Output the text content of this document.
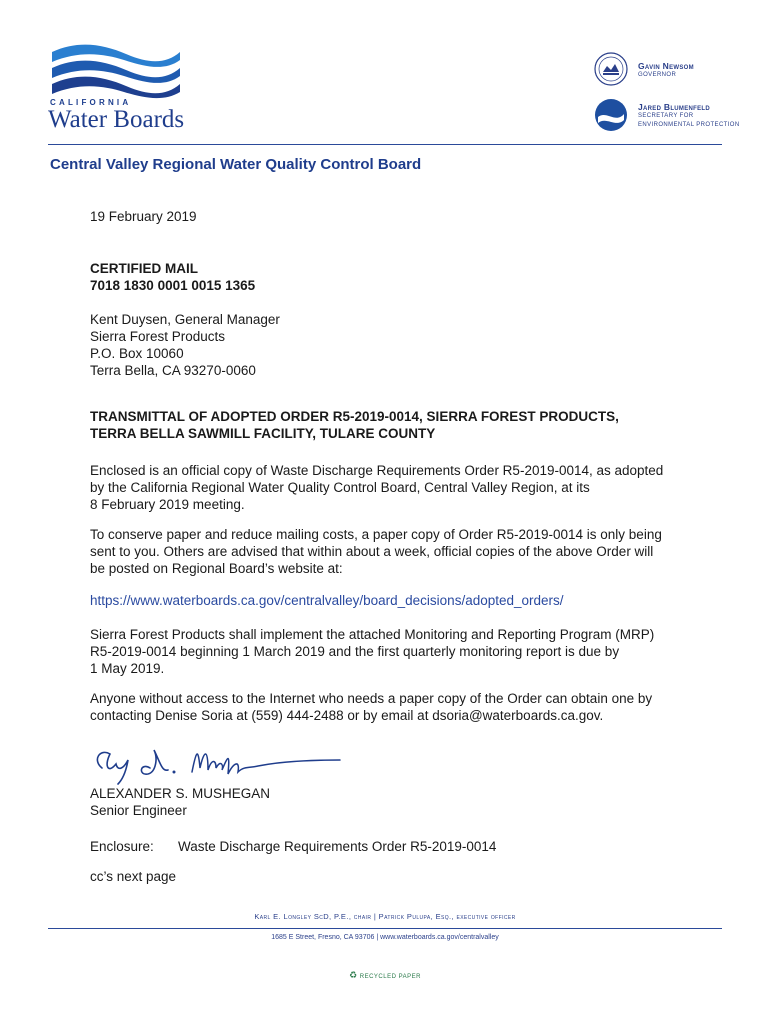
CALIFORNIA
Water Boards
Gavin Newsom
GOVERNOR
Jared Blumenfeld
SECRETARY FOR
ENVIRONMENTAL PROTECTION
Central Valley Regional Water Quality Control Board
19 February 2019
CERTIFIED MAIL
7018 1830 0001 0015 1365
Kent Duysen, General Manager
Sierra Forest Products
P.O. Box 10060
Terra Bella, CA 93270-0060
TRANSMITTAL OF ADOPTED ORDER R5-2019-0014, SIERRA FOREST PRODUCTS,
TERRA BELLA SAWMILL FACILITY, TULARE COUNTY
Enclosed is an official copy of Waste Discharge Requirements Order R5-2019-0014, as adopted
by the California Regional Water Quality Control Board, Central Valley Region, at its
8 February 2019 meeting.
To conserve paper and reduce mailing costs, a paper copy of Order R5-2019-0014 is only being
sent to you. Others are advised that within about a week, official copies of the above Order will
be posted on Regional Board’s website at:
https://www.waterboards.ca.gov/centralvalley/board_decisions/adopted_orders/
Sierra Forest Products shall implement the attached Monitoring and Reporting Program (MRP)
R5-2019-0014 beginning 1 March 2019 and the first quarterly monitoring report is due by
1 May 2019.
Anyone without access to the Internet who needs a paper copy of the Order can obtain one by
contacting Denise Soria at (559) 444-2488 or by email at dsoria@waterboards.ca.gov.
ALEXANDER S. MUSHEGAN
Senior Engineer
Enclosure: Waste Discharge Requirements Order R5-2019-0014
cc’s next page
Karl E. Longley ScD, P.E., chair | Patrick Pulupa, Esq., executive officer
1685 E Street, Fresno, CA 93706 | www.waterboards.ca.gov/centralvalley
♻ RECYCLED PAPER
